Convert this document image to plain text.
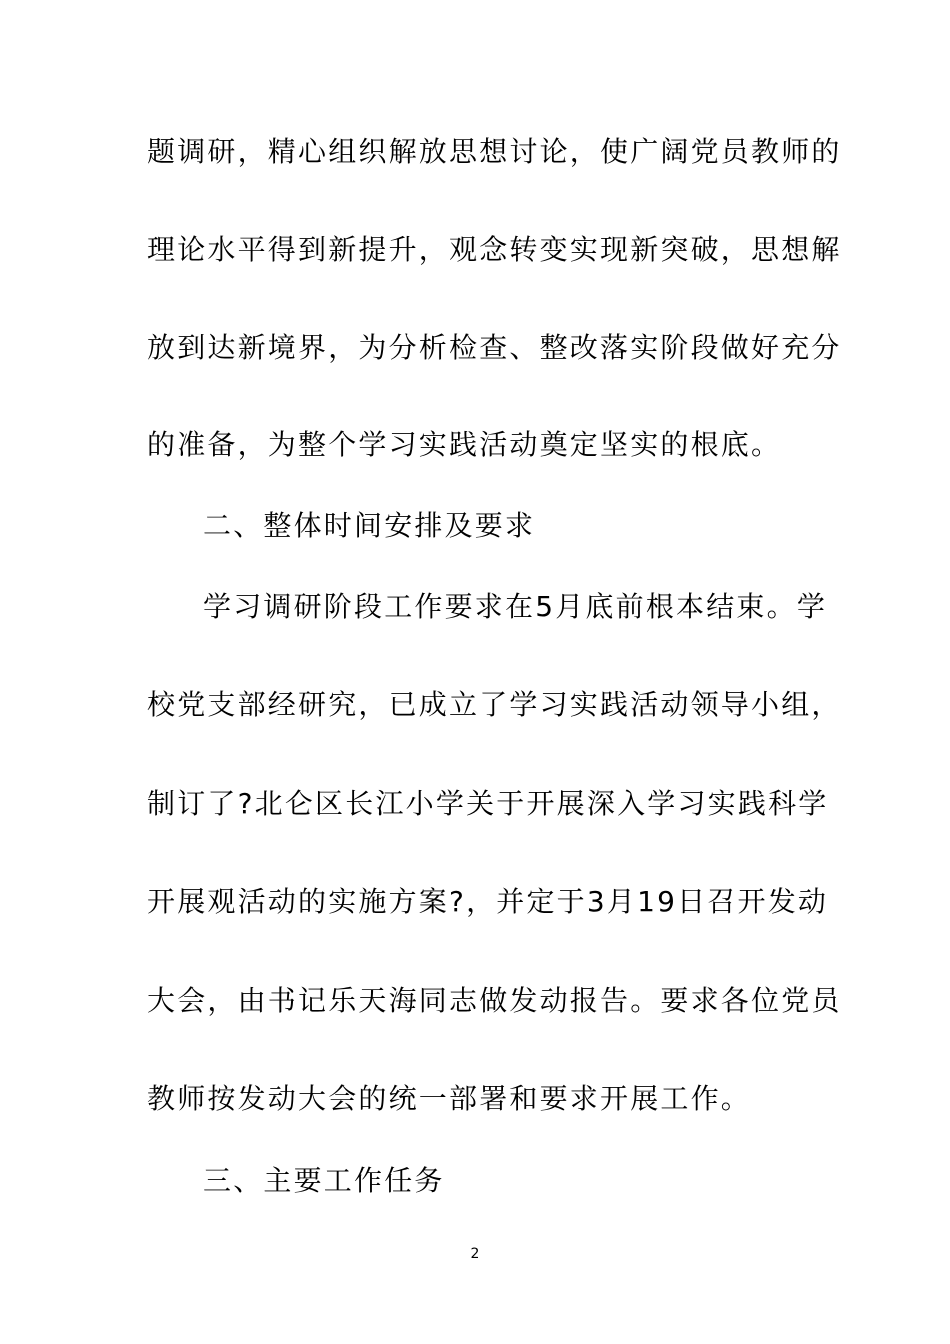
题调研，精心组织解放思想讨论，使广阔党员教师的
理论水平得到新提升，观念转变实现新突破，思想解
放到达新境界，为分析检查、整改落实阶段做好充分
的准备，为整个学习实践活动奠定坚实的根底。
二、整体时间安排及要求
学习调研阶段工作要求在5月底前根本结束。学
校党支部经研究，已成立了学习实践活动领导小组，
制订了?北仑区长江小学关于开展深入学习实践科学
开展观活动的实施方案?，并定于3月19日召开发动
大会，由书记乐天海同志做发动报告。要求各位党员
教师按发动大会的统一部署和要求开展工作。
三、主要工作任务
2
